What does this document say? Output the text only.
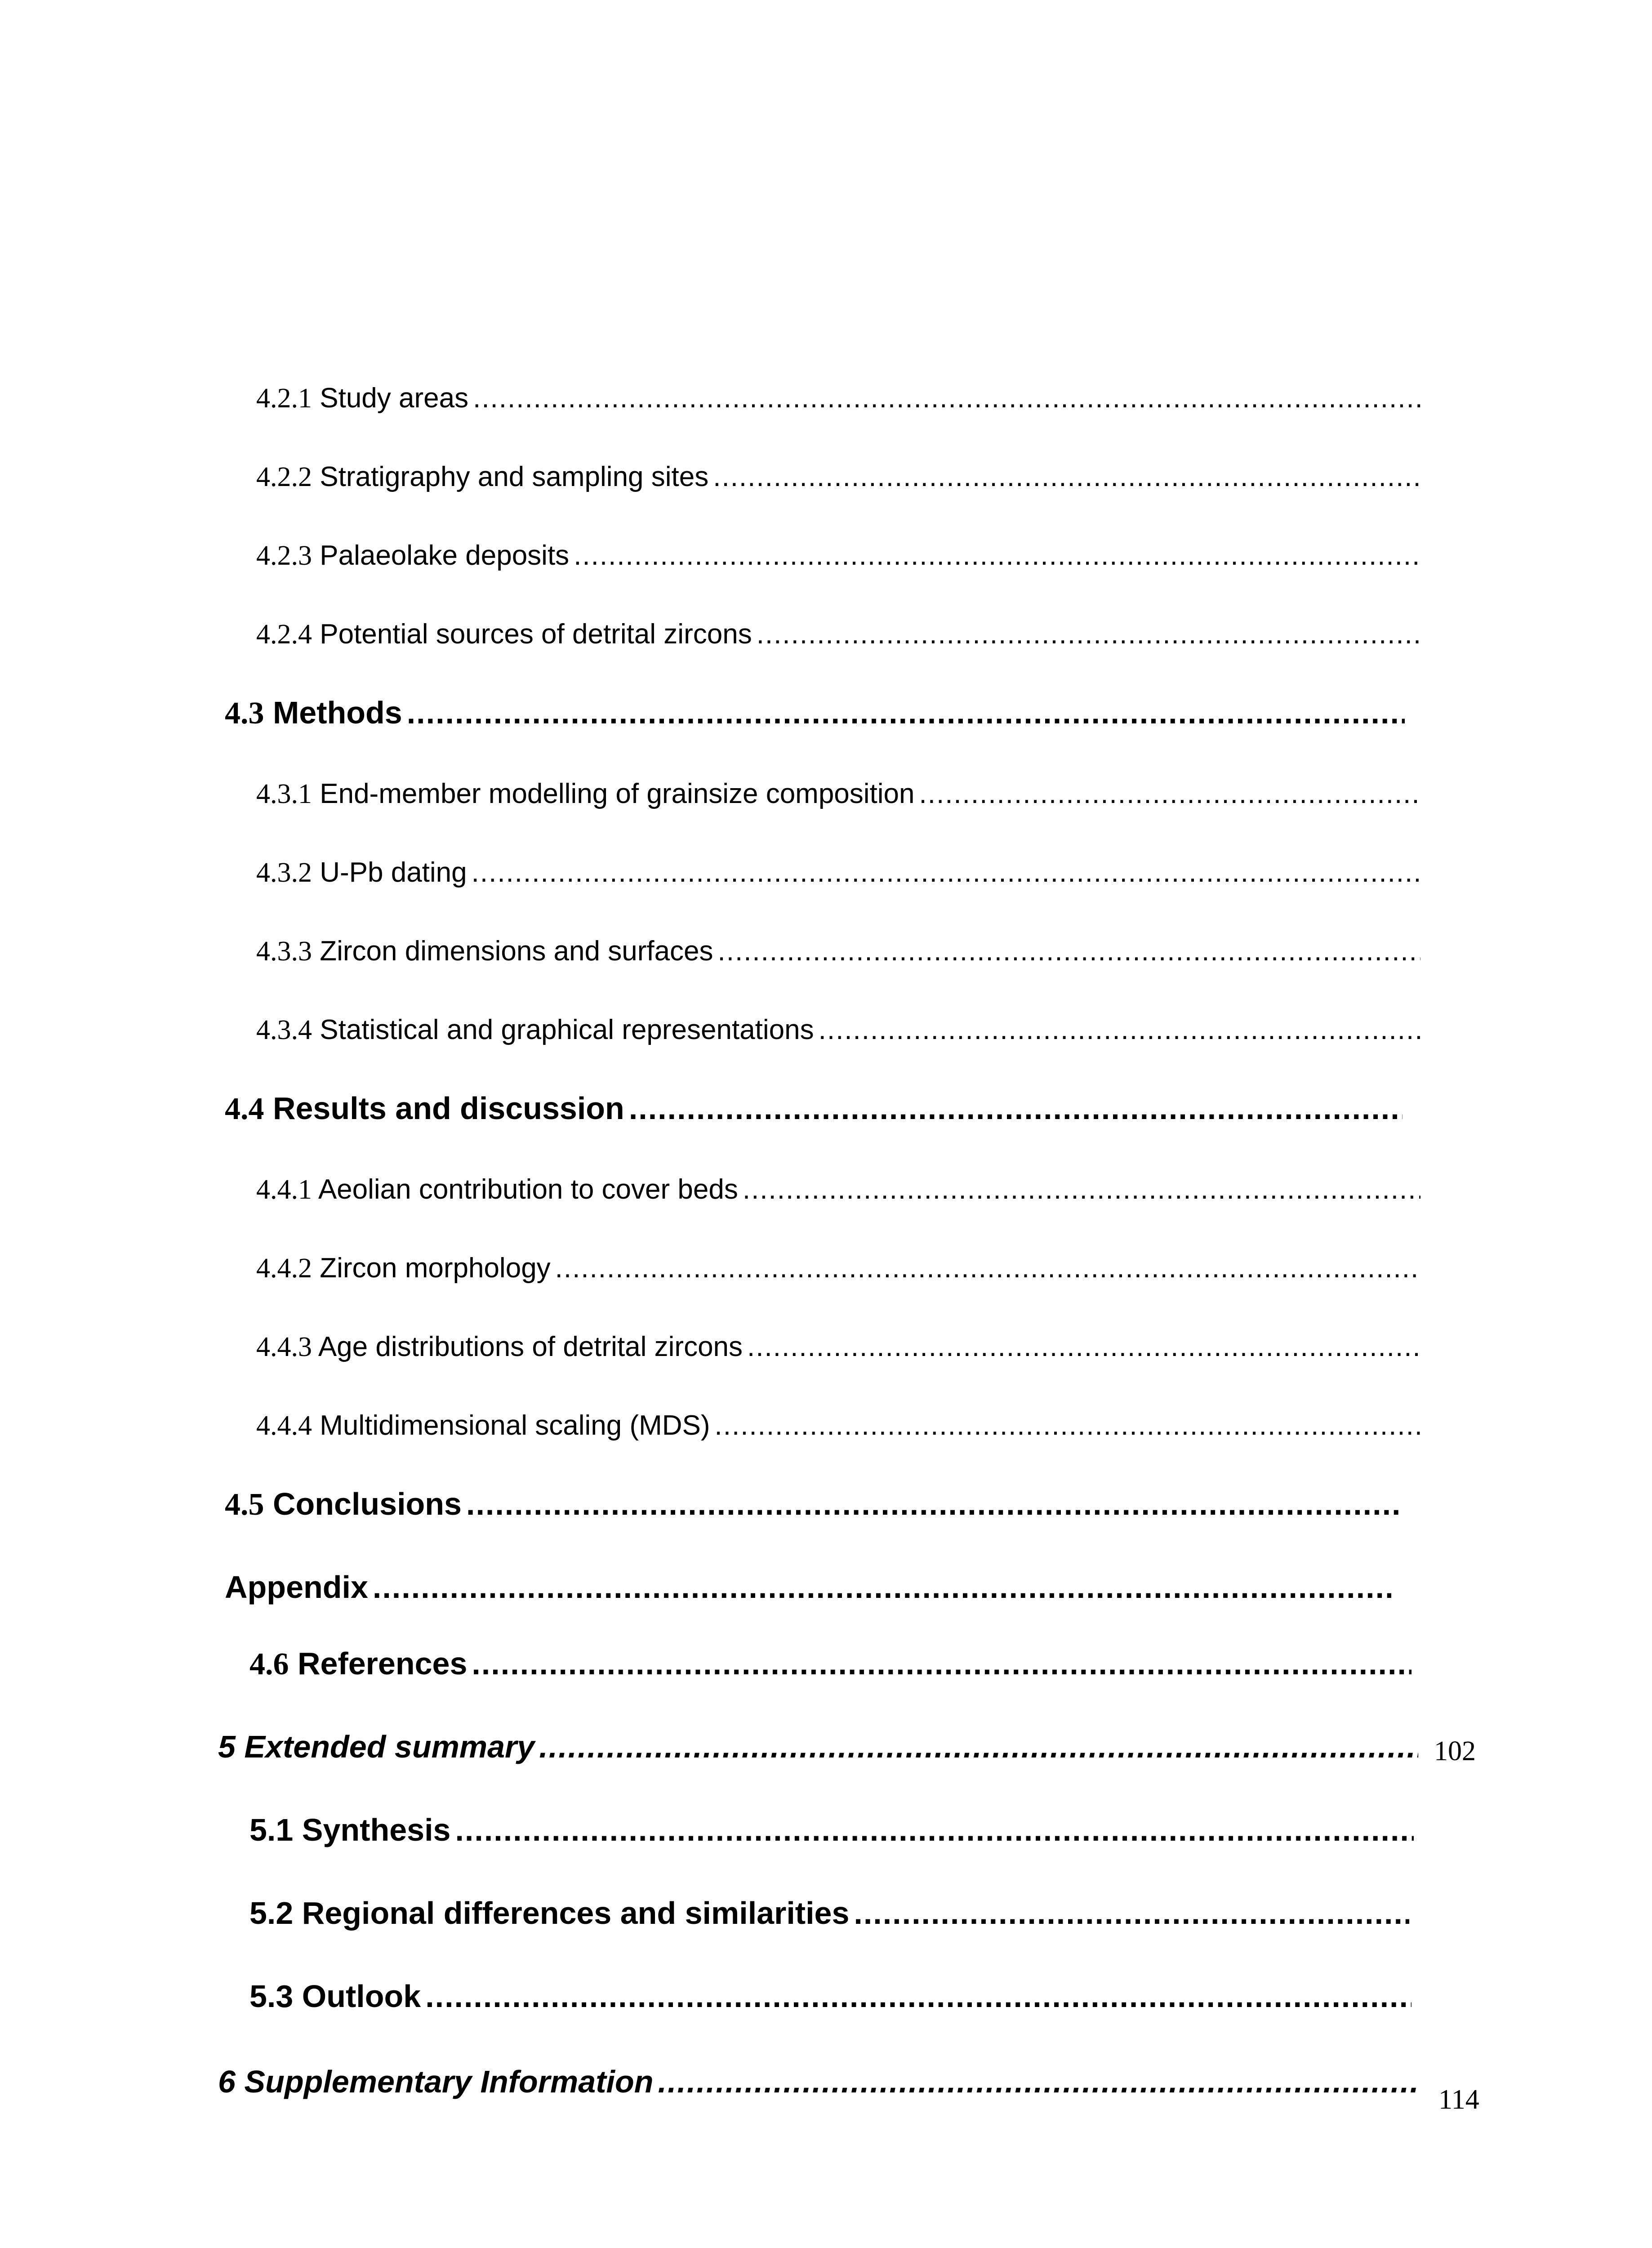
4.2.1 Study areas
.....
4.2.2 Stratigraphy and sampling sites
.....
4.2.3 Palaeolake deposits
.....
4.2.4 Potential sources of detrital zircons
.....
4.3 Methods
.....
4.3.1 End-member modelling of grainsize composition
.....
4.3.2 U-Pb dating
.....
4.3.3 Zircon dimensions and surfaces
.....
4.3.4 Statistical and graphical representations
.....
4.4 Results and discussion
.....
4.4.1 Aeolian contribution to cover beds
.....
4.4.2 Zircon morphology
.....
4.4.3 Age distributions of detrital zircons
.....
4.4.4 Multidimensional scaling (MDS)
.....
4.5 Conclusions
.....
Appendix
.....
4.6 References
.....
5 Extended summary
.....	102
5.1 Synthesis
.....
5.2 Regional differences and similarities
.....
5.3 Outlook
.....
6 Supplementary Information
.....
114
